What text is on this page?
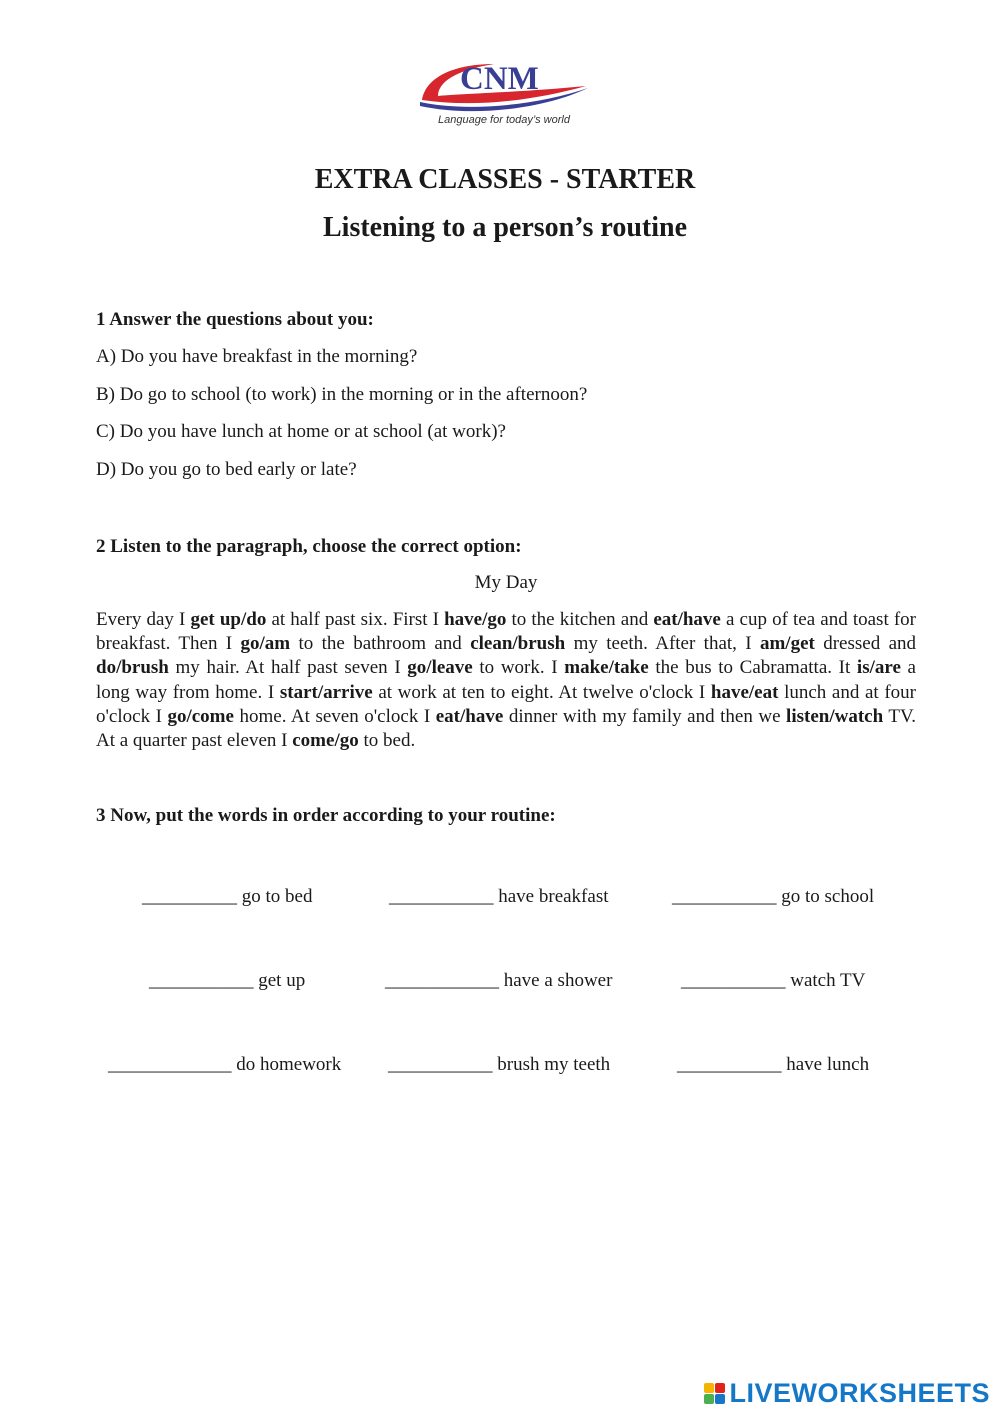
CNM
Language for today’s world
EXTRA CLASSES - STARTER
Listening to a person’s routine
1 Answer the questions about you:
A) Do you have breakfast in the morning?
B) Do go to school (to work) in the morning or in the afternoon?
C) Do you have lunch at home or at school (at work)?
D) Do you go to bed early or late?
2 Listen to the paragraph, choose the correct option:
My Day
Every day I get up/do at half past six. First I have/go to the kitchen and eat/have a cup of tea and toast for breakfast. Then I go/am to the bathroom and clean/brush my teeth. After that, I am/get dressed and do/brush my hair. At half past seven I go/leave to work. I make/take the bus to Cabramatta. It is/are a long way from home. I start/arrive at work at ten to eight. At twelve o'clock I have/eat lunch and at four o'clock I go/come home. At seven o'clock I eat/have dinner with my family and then we listen/watch TV. At a quarter past eleven I come/go to bed.
3 Now, put the words in order according to your routine:
__________ go to bed	___________ have breakfast	___________ go to school
___________ get up	____________ have a shower	___________ watch TV
_____________ do homework ___________ brush my teeth	___________ have lunch
LIVEWORKSHEETS
